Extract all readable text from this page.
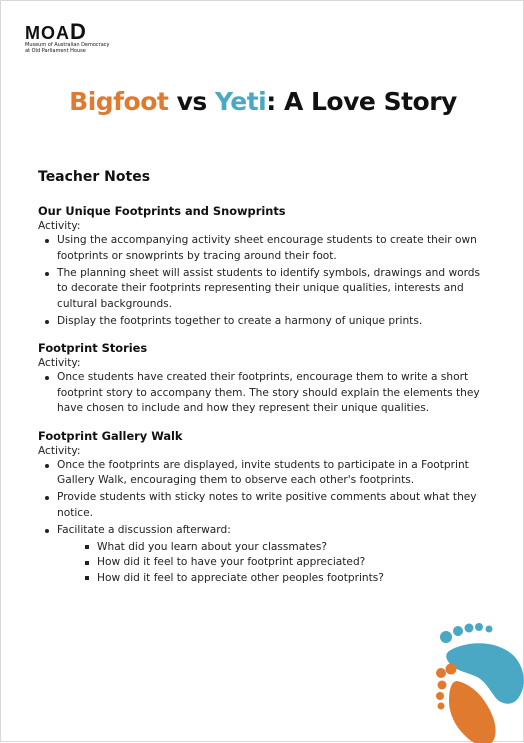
MOAD
Museum of Australian Democracy
at Old Parliament House
Bigfoot vs Yeti: A Love Story
Teacher Notes
Our Unique Footprints and Snowprints
Activity:
Using the accompanying activity sheet encourage students to create their own footprints or snowprints by tracing around their foot.
The planning sheet will assist students to identify symbols, drawings and words to decorate their footprints representing their unique qualities, interests and cultural backgrounds.
Display the footprints together to create a harmony of unique prints.
Footprint Stories
Activity:
Once students have created their footprints, encourage them to write a short footprint story to accompany them. The story should explain the elements they have chosen to include and how they represent their unique qualities.
Footprint Gallery Walk
Activity:
Once the footprints are displayed, invite students to participate in a Footprint Gallery Walk, encouraging them to observe each other's footprints.
Provide students with sticky notes to write positive comments about what they notice.
Facilitate a discussion afterward:
What did you learn about your classmates?
How did it feel to have your footprint appreciated?
How did it feel to appreciate other peoples footprints?
